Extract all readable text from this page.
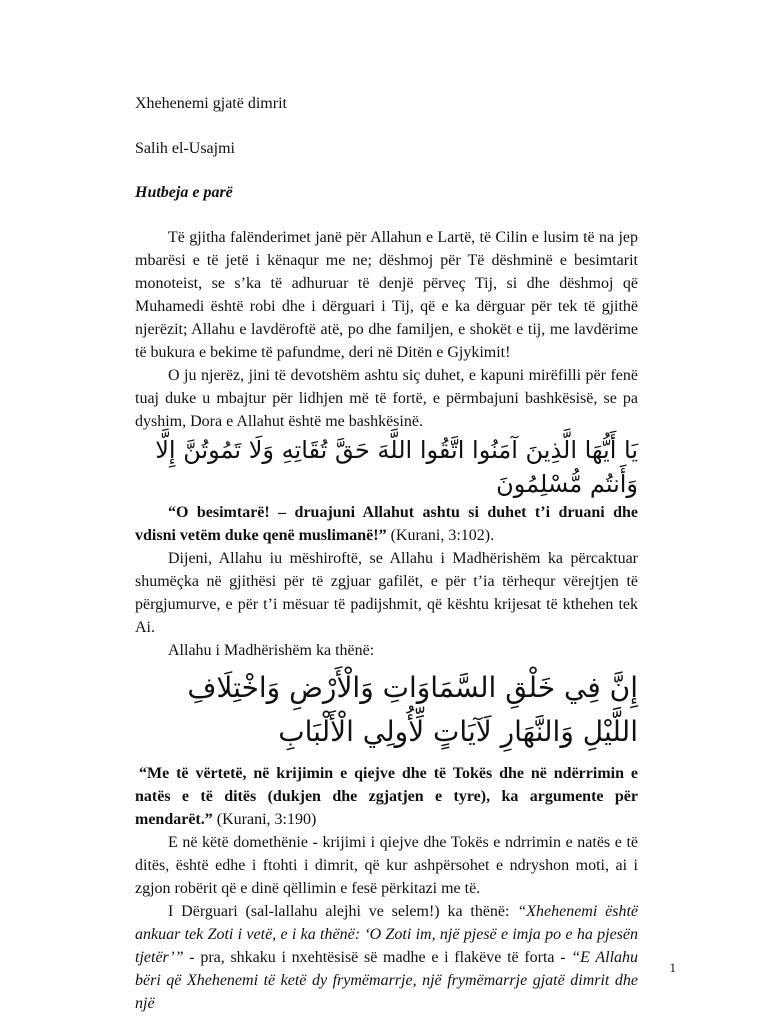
Xhehenemi gjatë dimrit

Salih el-Usajmi

Hutbeja e parë

Të gjitha falënderimet janë për Allahun e Lartë, të Cilin e lusim të na jep mbarësi e të jetë i kënaqur me ne; dëshmoj për Të dëshminë e besimtarit monoteist, se s’ka të adhuruar të denjë përveç Tij, si dhe dëshmoj që Muhamedi është robi dhe i dërguari i Tij, që e ka dërguar për tek të gjithë njerëzit; Allahu e lavdëroftë atë, po dhe familjen, e shokët e tij, me lavdërime të bukura e bekime të pafundme, deri në Ditën e Gjykimit!

O ju njerëz, jini të devotshëm ashtu siç duhet, e kapuni mirëfilli për fenë tuaj duke u mbajtur për lidhjen më të fortë, e përmbajuni bashkësisë, se pa dyshim, Dora e Allahut është me bashkësinë.

يَا أَيُّهَا الَّذِينَ آمَنُوا اتَّقُوا اللَّهَ حَقَّ تُقَاتِهِ وَلَا تَمُوتُنَّ إِلَّا وَأَنتُم مُّسْلِمُونَ

“O besimtarë! – druajuni Allahut ashtu si duhet t’i druani dhe vdisni vetëm duke qenë muslimanë!” (Kurani, 3:102).

Dijeni, Allahu iu mëshiroftë, se Allahu i Madhërishëm ka përcaktuar shumëçka në gjithësi për të zgjuar gafilët, e për t’ia tërhequr vërejtjen të përgjumurve, e për t’i mësuar të padijshmit, që kështu krijesat të kthehen tek Ai.

Allahu i Madhërishëm ka thënë:

إِنَّ فِي خَلْقِ السَّمَاوَاتِ وَالْأَرْضِ وَاخْتِلَافِ اللَّيْلِ وَالنَّهَارِ لَآيَاتٍ لِّأُولِي الْأَلْبَابِ

“Me të vërtetë, në krijimin e qiejve dhe të Tokës dhe në ndërrimin e natës e të ditës (dukjen dhe zgjatjen e tyre), ka argumente për mendarët.” (Kurani, 3:190)

E në këtë domethënie - krijimi i qiejve dhe Tokës e ndrrimin e natës e të ditës, është edhe i ftohti i dimrit, që kur ashpërsohet e ndryshon moti, ai i zgjon robërit që e dinë qëllimin e fesë përkitazi me të.

I Dërguari (sal-lallahu alejhi ve selem!) ka thënë: “Xhehenemi është ankuar tek Zoti i vetë, e i ka thënë: ‘O Zoti im, një pjesë e imja po e ha pjesën tjetër’” - pra, shkaku i nxehtësisë së madhe e i flakëve të forta - “E Allahu bëri që Xhehenemi të ketë dy frymëmarrje, një frymëmarrje gjatë dimrit dhe një

1
